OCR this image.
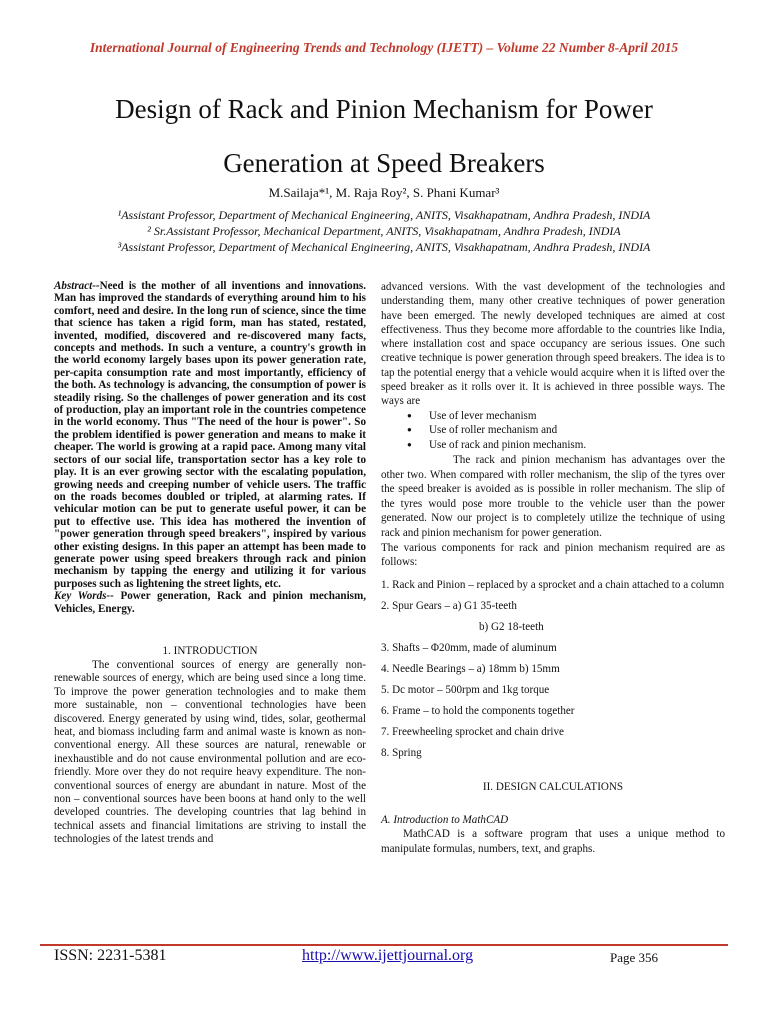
International Journal of Engineering Trends and Technology (IJETT) – Volume 22 Number 8-April 2015
Design of Rack and Pinion Mechanism for Power
Generation at Speed Breakers
M.Sailaja*¹, M. Raja Roy², S. Phani Kumar³
¹Assistant Professor, Department of Mechanical Engineering, ANITS, Visakhapatnam, Andhra Pradesh, INDIA
² Sr.Assistant Professor, Mechanical Department, ANITS, Visakhapatnam, Andhra Pradesh, INDIA
³Assistant Professor, Department of Mechanical Engineering, ANITS, Visakhapatnam, Andhra Pradesh, INDIA

Abstract--Need is the mother of all inventions and innovations. Man has improved the standards of everything around him to his comfort, need and desire. In the long run of science, since the time that science has taken a rigid form, man has stated, restated, invented, modified, discovered and re-discovered many facts, concepts and methods. In such a venture, a country's growth in the world economy largely bases upon its power generation rate, per-capita consumption rate and most importantly, efficiency of the both. As technology is advancing, the consumption of power is steadily rising. So the challenges of power generation and its cost of production, play an important role in the countries competence in the world economy. Thus "The need of the hour is power". So the problem identified is power generation and means to make it cheaper. The world is growing at a rapid pace. Among many vital sectors of our social life, transportation sector has a key role to play. It is an ever growing sector with the escalating population, growing needs and creeping number of vehicle users. The traffic on the roads becomes doubled or tripled, at alarming rates. If vehicular motion can be put to generate useful power, it can be put to effective use. This idea has mothered the invention of "power generation through speed breakers", inspired by various other existing designs. In this paper an attempt has been made to generate power using speed breakers through rack and pinion mechanism by tapping the energy and utilizing it for various purposes such as lightening the street lights, etc.

Key Words-- Power generation, Rack and pinion mechanism, Vehicles, Energy.

1. INTRODUCTION

The conventional sources of energy are generally non-renewable sources of energy, which are being used since a long time. To improve the power generation technologies and to make them more sustainable, non – conventional technologies have been discovered. Energy generated by using wind, tides, solar, geothermal heat, and biomass including farm and animal waste is known as non-conventional energy. All these sources are natural, renewable or inexhaustible and do not cause environmental pollution and are eco-friendly. More over they do not require heavy expenditure. The non-conventional sources of energy are abundant in nature. Most of the non – conventional sources have been boons at hand only to the well developed countries. The developing countries that lag behind in technical assets and financial limitations are striving to install the technologies of the latest trends and

advanced versions. With the vast development of the technologies and understanding them, many other creative techniques of power generation have been emerged. The newly developed techniques are aimed at cost effectiveness. Thus they become more affordable to the countries like India, where installation cost and space occupancy are serious issues. One such creative technique is power generation through speed breakers. The idea is to tap the potential energy that a vehicle would acquire when it is lifted over the speed breaker as it rolls over it. It is achieved in three possible ways. The ways are

●	Use of lever mechanism
●	Use of roller mechanism and
●	Use of rack and pinion mechanism.

The rack and pinion mechanism has advantages over the other two. When compared with roller mechanism, the slip of the tyres over the speed breaker is avoided as is possible in roller mechanism. The slip of the tyres would pose more trouble to the vehicle user than the power generated. Now our project is to completely utilize the technique of using rack and pinion mechanism for power generation.

The various components for rack and pinion mechanism required are as follows:

1. Rack and Pinion – replaced by a sprocket and a chain attached to a column
2. Spur Gears – a) G1 35-teeth
b) G2 18-teeth
3. Shafts – Φ20mm, made of aluminum
4. Needle Bearings – a) 18mm b) 15mm
5. Dc motor – 500rpm and 1kg torque
6. Frame – to hold the components together
7. Freewheeling sprocket and chain drive
8. Spring
II. DESIGN CALCULATIONS
A. Introduction to MathCAD

MathCAD is a software program that uses a unique method to manipulate formulas, numbers, text, and graphs.

ISSN: 2231-5381	http://www.ijettjournal.org	Page 356
